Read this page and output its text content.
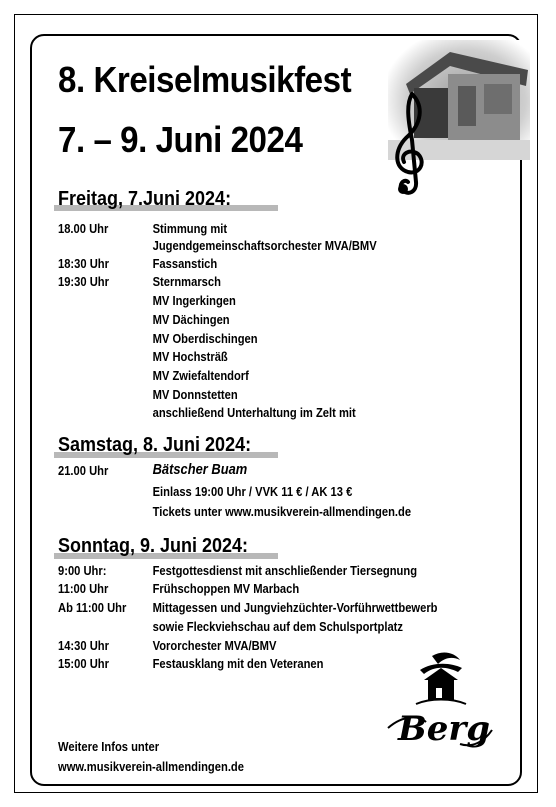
8. Kreiselmusikfest
7. – 9. Juni 2024
Freitag, 7.Juni 2024:
18.00 Uhr	Stimmung mit
Jugendgemeinschaftsorchester MVA/BMV
18:30 Uhr	Fassanstich
19:30 Uhr	Sternmarsch
MV Ingerkingen
MV Dächingen
MV Oberdischingen
MV Hochsträß
MV Zwiefaltendorf
MV Donnstetten
anschließend Unterhaltung im Zelt mit
Samstag, 8. Juni 2024:
21.00 Uhr	Bätscher Buam
Einlass 19:00 Uhr / VVK 11 € / AK 13 €
Tickets unter www.musikverein-allmendingen.de
Sonntag, 9. Juni 2024:
9:00 Uhr:	Festgottesdienst mit anschließender Tiersegnung
11:00 Uhr	Frühschoppen MV Marbach
Ab 11:00 Uhr Mittagessen und Jungviehzüchter-Vorführwettbewerb
sowie Fleckviehschau auf dem Schulsportplatz
14:30 Uhr	Vororchester MVA/BMV
15:00 Uhr	Festausklang mit den Veteranen
Weitere Infos unter
www.musikverein-allmendingen.de
Berg
